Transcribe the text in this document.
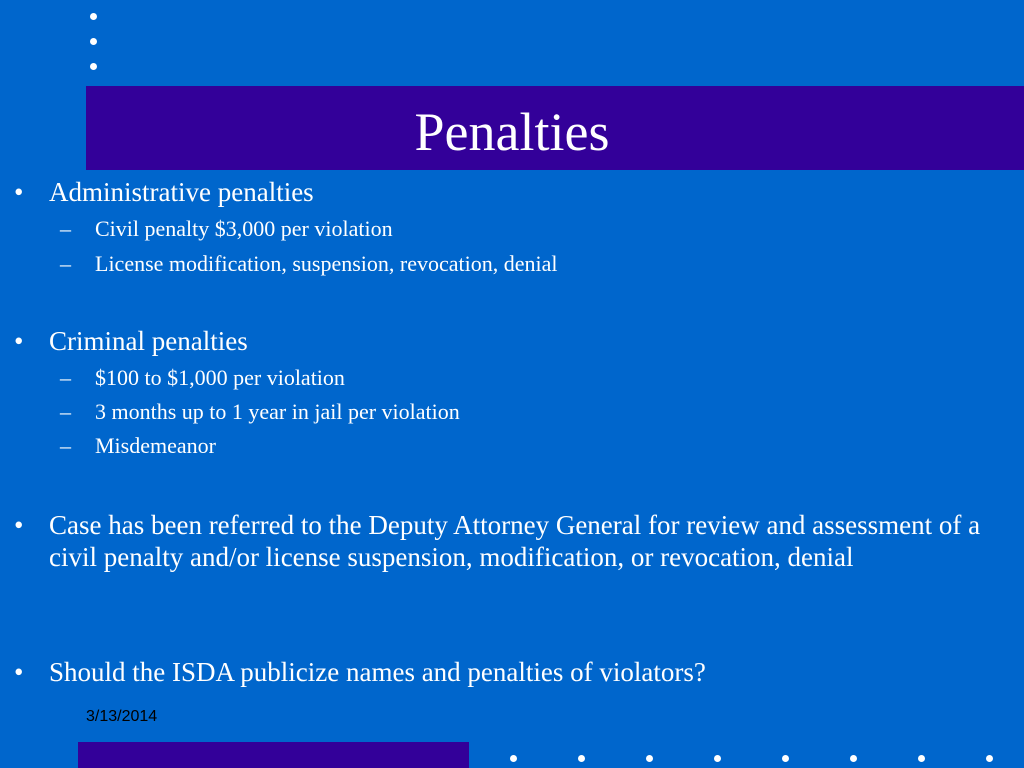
Penalties
• Administrative penalties
– Civil penalty $3,000 per violation
– License modification, suspension, revocation, denial
• Criminal penalties
– $100 to $1,000 per violation
– 3 months up to 1 year in jail per violation
– Misdemeanor
• Case has been referred to the Deputy Attorney General for review and assessment of a civil penalty and/or license suspension, modification, or revocation, denial
• Should the ISDA publicize names and penalties of violators?
3/13/2014
